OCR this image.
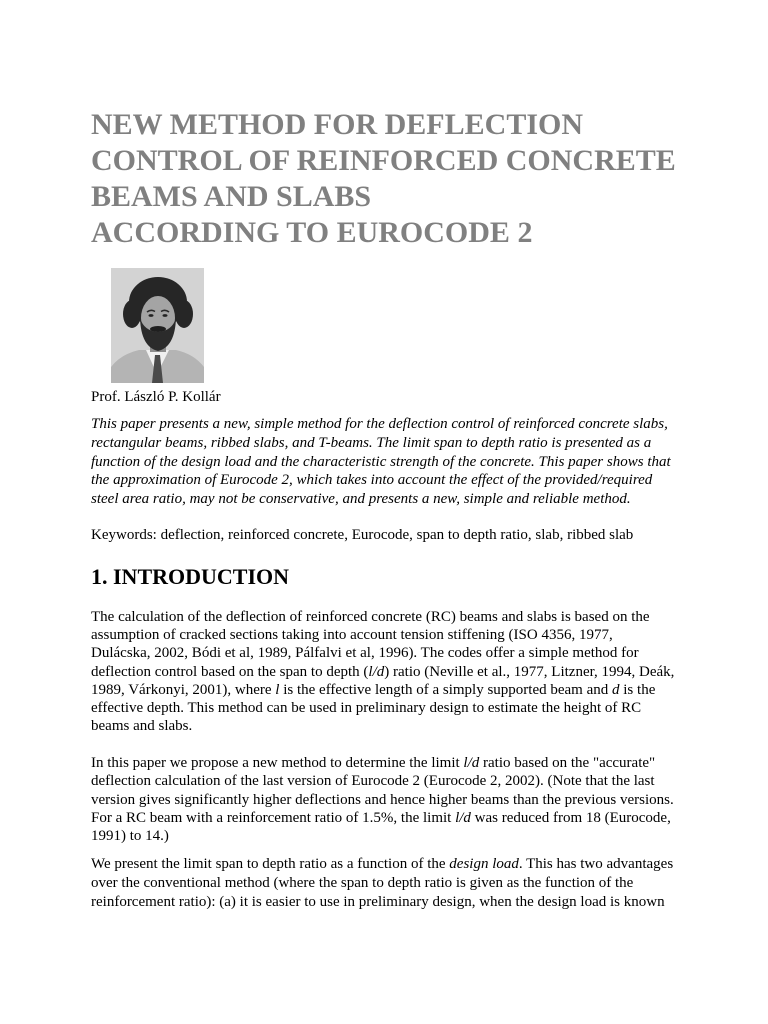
NEW METHOD FOR DEFLECTION
CONTROL OF REINFORCED CONCRETE
BEAMS AND SLABS
ACCORDING TO EUROCODE 2

Prof. László P. Kollár

This paper presents a new, simple method for the deflection control of reinforced concrete slabs,
rectangular beams, ribbed slabs, and T-beams. The limit span to depth ratio is presented as a
function of the design load and the characteristic strength of the concrete. This paper shows that
the approximation of Eurocode 2, which takes into account the effect of the provided/required
steel area ratio, may not be conservative, and presents a new, simple and reliable method.

Keywords: deflection, reinforced concrete, Eurocode, span to depth ratio, slab, ribbed slab

1. INTRODUCTION
The calculation of the deflection of reinforced concrete (RC) beams and slabs is based on the
assumption of cracked sections taking into account tension stiffening (ISO 4356, 1977,
Dulácska, 2002, Bódi et al, 1989, Pálfalvi et al, 1996). The codes offer a simple method for
deflection control based on the span to depth (l/d) ratio (Neville et al., 1977, Litzner, 1994, Deák,
1989, Várkonyi, 2001), where l is the effective length of a simply supported beam and d is the
effective depth. This method can be used in preliminary design to estimate the height of RC
beams and slabs.
In this paper we propose a new method to determine the limit l/d ratio based on the "accurate"
deflection calculation of the last version of Eurocode 2 (Eurocode 2, 2002). (Note that the last
version gives significantly higher deflections and hence higher beams than the previous versions.
For a RC beam with a reinforcement ratio of 1.5%, the limit l/d was reduced from 18 (Eurocode,
1991) to 14.)
We present the limit span to depth ratio as a function of the design load. This has two advantages
over the conventional method (where the span to depth ratio is given as the function of the
reinforcement ratio): (a) it is easier to use in preliminary design, when the design load is known
